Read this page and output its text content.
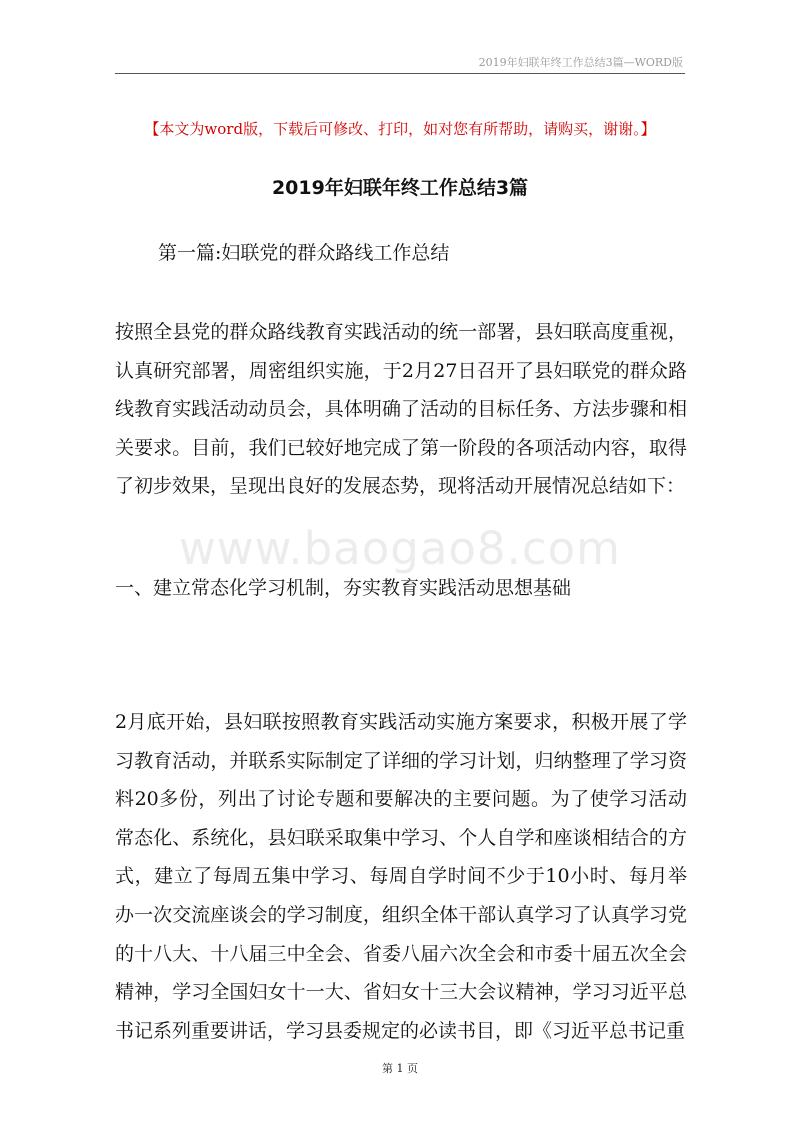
2019年妇联年终工作总结3篇—WORD版
【本文为word版，下载后可修改、打印，如对您有所帮助，请购买，谢谢。】
2019年妇联年终工作总结3篇
第一篇:妇联党的群众路线工作总结
按照全县党的群众路线教育实践活动的统一部署，县妇联高度重视，认真研究部署，周密组织实施，于2月27日召开了县妇联党的群众路线教育实践活动动员会，具体明确了活动的目标任务、方法步骤和相关要求。目前，我们已较好地完成了第一阶段的各项活动内容，取得了初步效果，呈现出良好的发展态势，现将活动开展情况总结如下：
www.baogao8.com
一、建立常态化学习机制，夯实教育实践活动思想基础
2月底开始，县妇联按照教育实践活动实施方案要求，积极开展了学习教育活动，并联系实际制定了详细的学习计划，归纳整理了学习资料20多份，列出了讨论专题和要解决的主要问题。为了使学习活动常态化、系统化，县妇联采取集中学习、个人自学和座谈相结合的方式，建立了每周五集中学习、每周自学时间不少于10小时、每月举办一次交流座谈会的学习制度，组织全体干部认真学习了认真学习党的十八大、十八届三中全会、省委八届六次全会和市委十届五次全会精神，学习全国妇女十一大、省妇女十三大会议精神，学习习近平总书记系列重要讲话，学习县委规定的必读书目，即《习近平总书记重
第 1 页
